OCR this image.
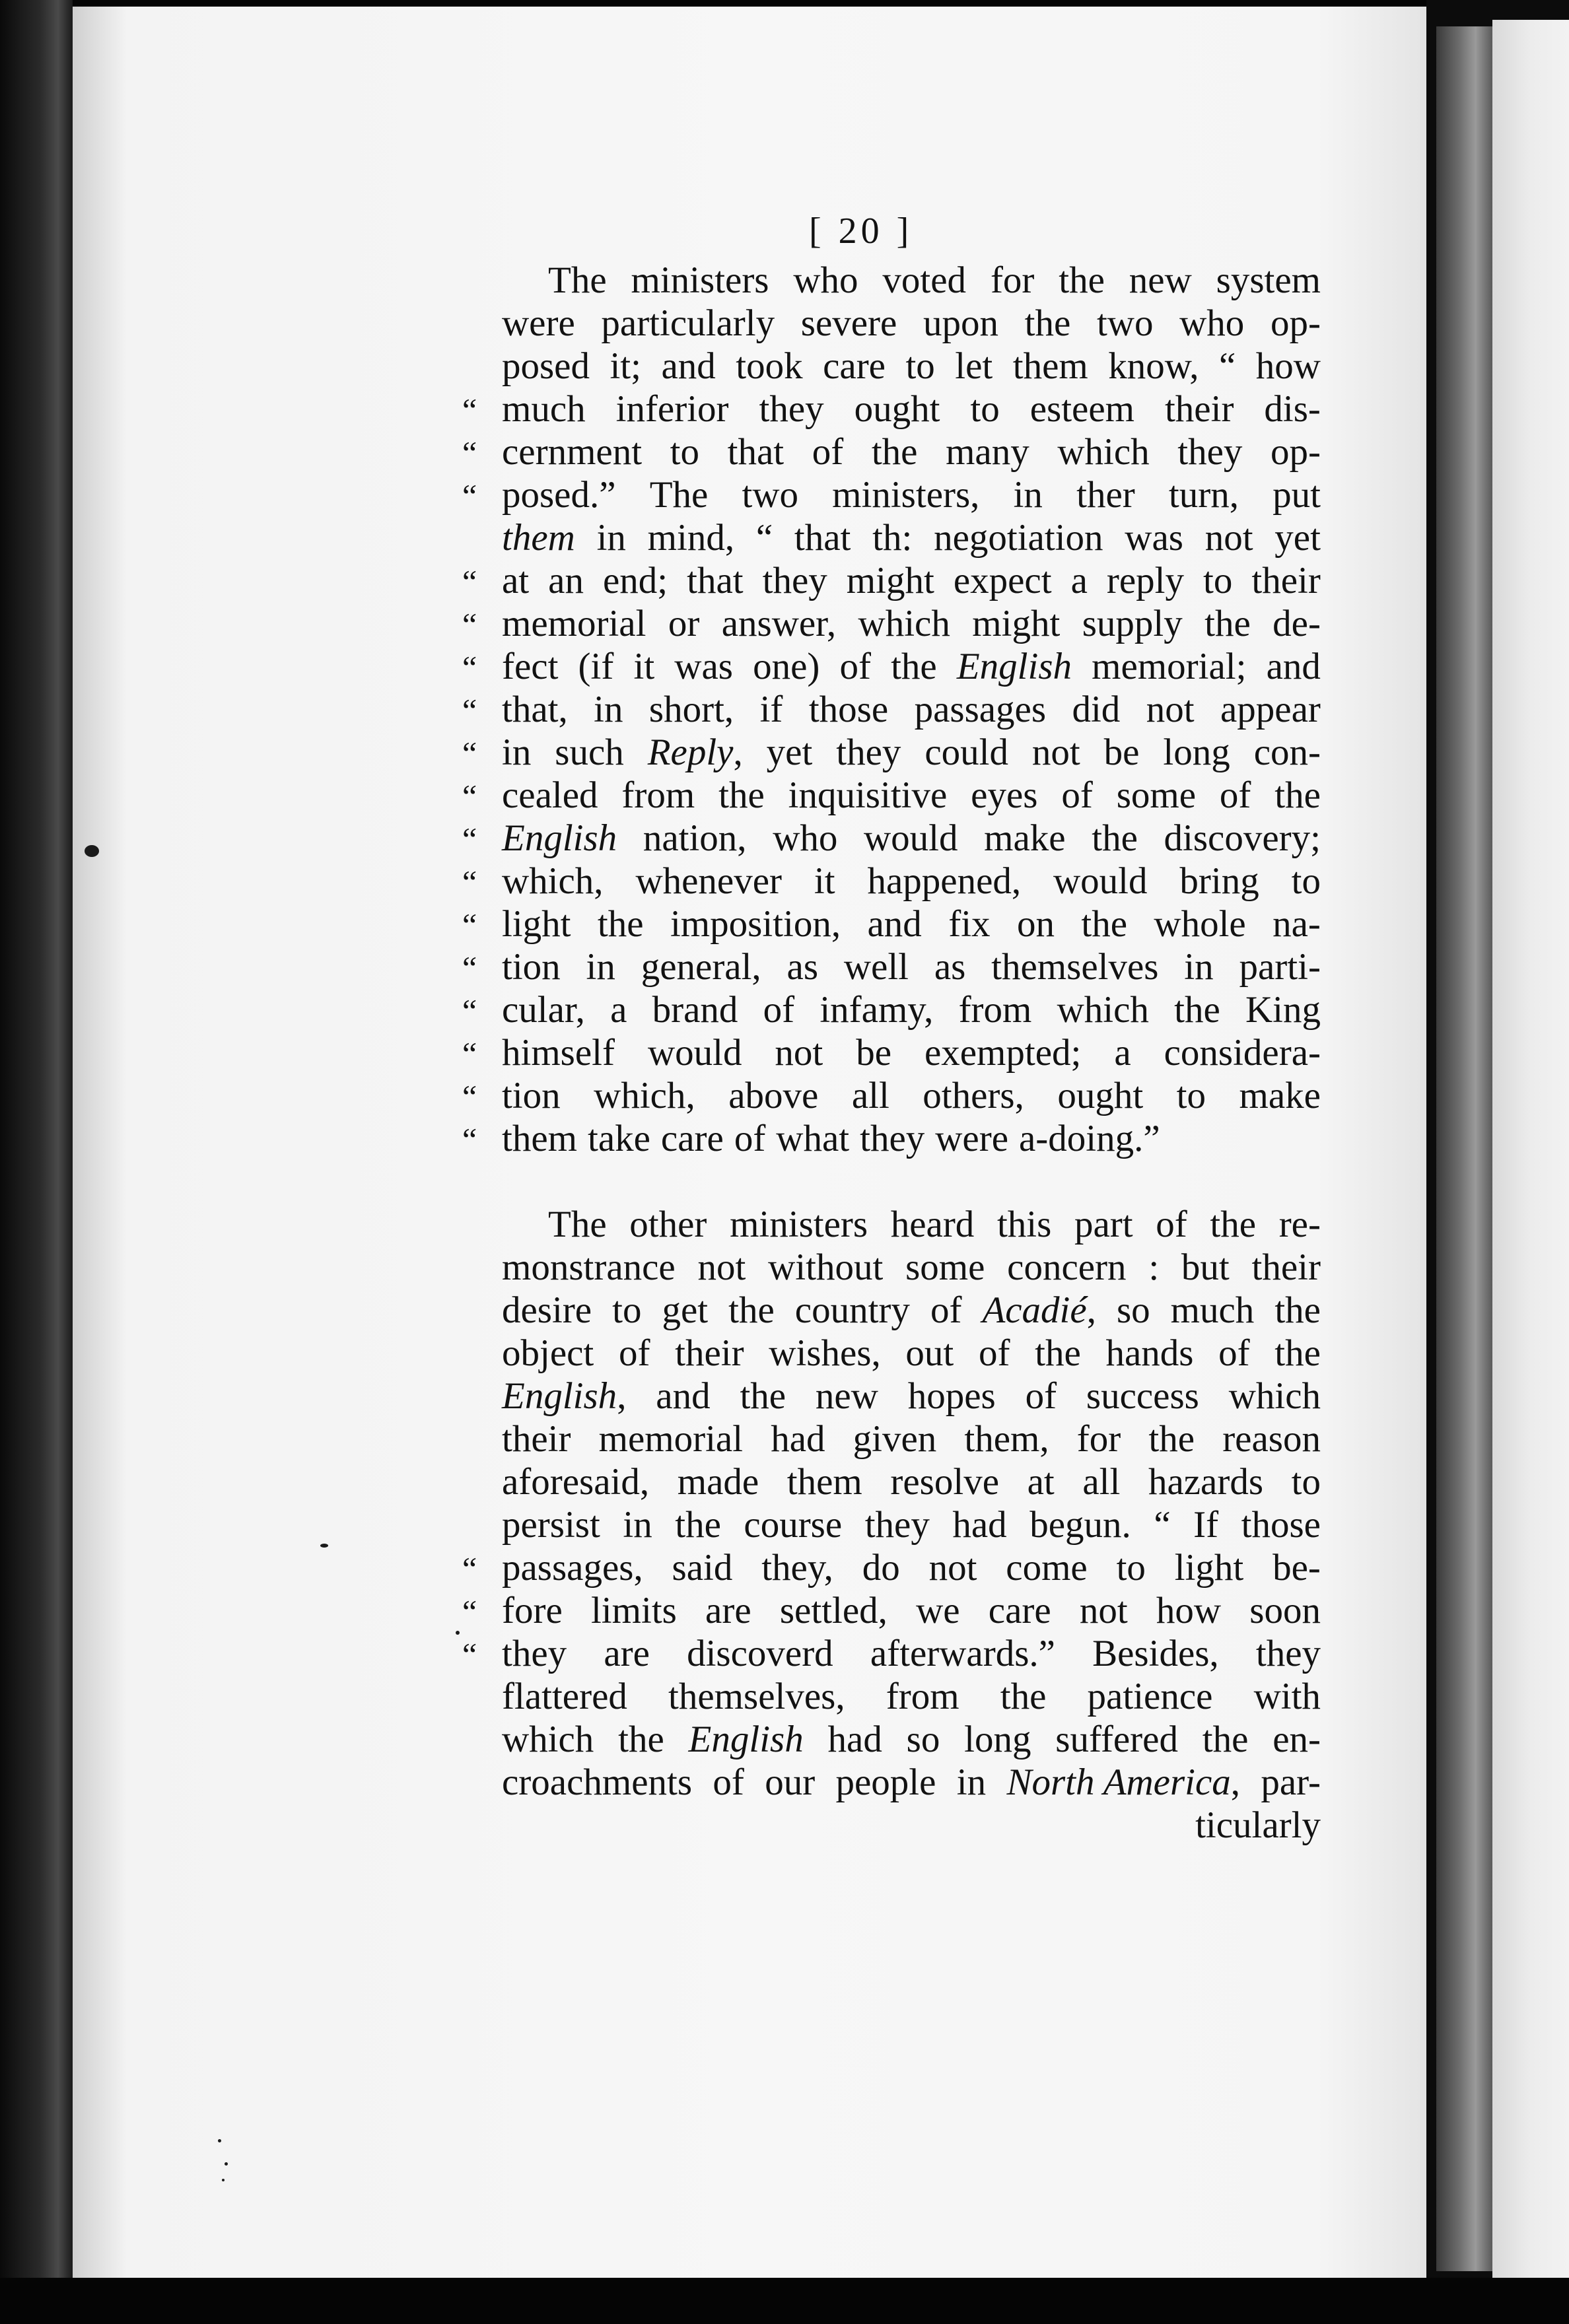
[ 20 ]
The ministers who voted for the new system
were particularly severe upon the two who op-
posed it; and took care to let them know, “ how
“ much inferior they ought to esteem their dis-
“ cernment to that of the many which they op-
“ posed.” The two ministers, in ther turn, put
them in mind, “ that th: negotiation was not yet
“ at an end; that they might expect a reply to their
“ memorial or answer, which might supply the de-
“ fect (if it was one) of the English memorial; and
“ that, in short, if those passages did not appear
“ in such Reply, yet they could not be long con-
“ cealed from the inquisitive eyes of some of the
“ English nation, who would make the discovery;
“ which, whenever it happened, would bring to
“ light the imposition, and fix on the whole na-
“ tion in general, as well as themselves in parti-
“ cular, a brand of infamy, from which the King
“ himself would not be exempted; a considera-
“ tion which, above all others, ought to make
“ them take care of what they were a-doing.”
The other ministers heard this part of the re-
monstrance not without some concern : but their
desire to get the country of Acadié, so much the
object of their wishes, out of the hands of the
English, and the new hopes of success which
their memorial had given them, for the reason
aforesaid, made them resolve at all hazards to
persist in the course they had begun. “ If those
“ passages, said they, do not come to light be-
“ fore limits are settled, we care not how soon
“ they are discoverd afterwards.” Besides, they
flattered themselves, from the patience with
which the English had so long suffered the en-
croachments of our people in North America, par-
ticularly
